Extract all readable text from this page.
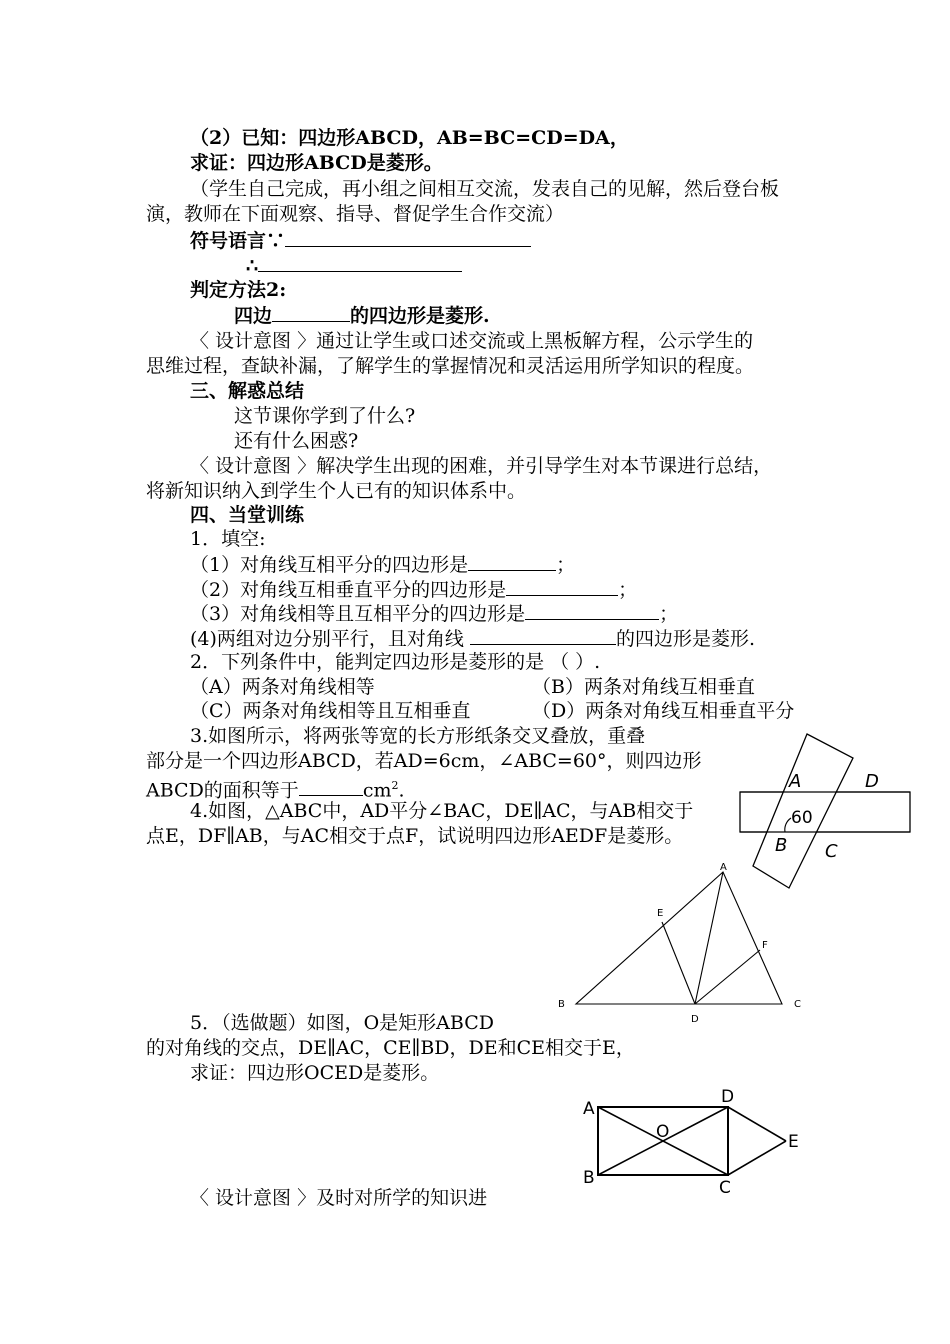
（2）已知：四边形ABCD，AB=BC=CD=DA，
求证：四边形ABCD是菱形。
（学生自己完成，再小组之间相互交流，发表自己的见解，然后登台板
演，教师在下面观察、指导、督促学生合作交流）
符号语言∵
∴
判定方法2:
四边	的四边形是菱形.
〈 设计意图 〉通过让学生或口述交流或上黑板解方程，公示学生的
思维过程，查缺补漏，了解学生的掌握情况和灵活运用所学知识的程度。
三、解惑总结
这节课你学到了什么?
还有什么困惑?
〈 设计意图 〉解决学生出现的困难，并引导学生对本节课进行总结，
将新知识纳入到学生个人已有的知识体系中。
四、当堂训练
1．填空:
（1）对角线互相平分的四边形是	；
（2）对角线互相垂直平分的四边形是	；
（3）对角线相等且互相平分的四边形是	；
(4)两组对边分别平行，且对角线	的四边形是菱形.
2．下列条件中，能判定四边形是菱形的是 （ ）.
（A）两条对角线相等	（B）两条对角线互相垂直
（C）两条对角线相等且互相垂直	（D）两条对角线互相垂直平分
3.如图所示，将两张等宽的长方形纸条交叉叠放，重叠
部分是一个四边形ABCD，若AD=6cm，∠ABC=60°，则四边形
ABCD的面积等于	$cm^2$.
4.如图，△ABC中，AD平分∠BAC，DE∥AC，与AB相交于
点E，DF∥AB，与AC相交于点F，试说明四边形AEDF是菱形。
5．（选做题）如图，O是矩形ABCD
的对角线的交点，DE∥AC，CE∥BD，DE和CE相交于E，
求证：四边形OCED是菱形。
〈 设计意图 〉及时对所学的知识进
A	D
B C
60
A
E
F
B
D
C
A
D
O	E
B	C
